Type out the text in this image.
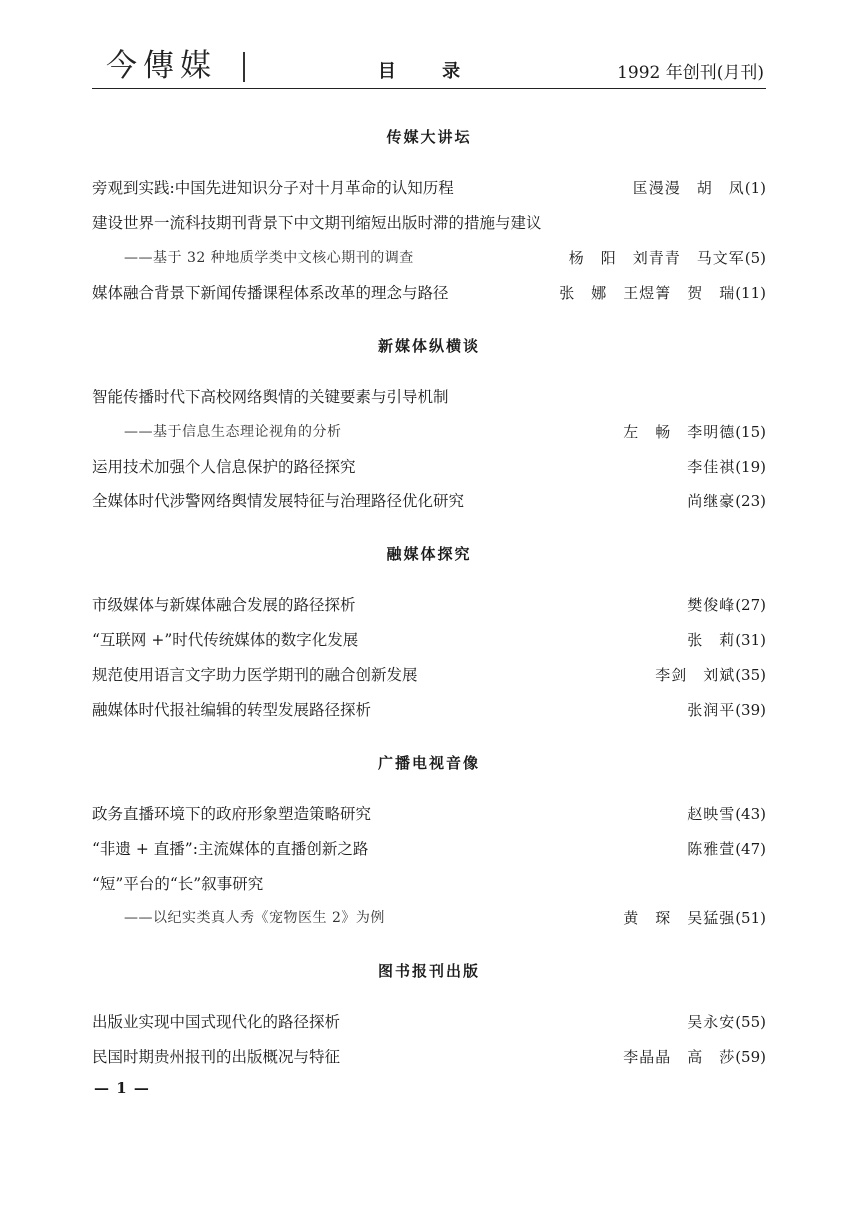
今傳媒	目 录	1992 年创刊(月刊)
传媒大讲坛
旁观到实践:中国先进知识分子对十月革命的认知历程	匡漫漫　胡　凤(1)
建设世界一流科技期刊背景下中文期刊缩短出版时滞的措施与建议
——基于 32 种地质学类中文核心期刊的调查	杨　阳　刘青青　马文军(5)
媒体融合背景下新闻传播课程体系改革的理念与路径	张　娜　王煜箐　贺　瑞(11)
新媒体纵横谈
智能传播时代下高校网络舆情的关键要素与引导机制
——基于信息生态理论视角的分析	左　畅　李明德(15)
运用技术加强个人信息保护的路径探究	李佳祺(19)
全媒体时代涉警网络舆情发展特征与治理路径优化研究	尚继豪(23)
融媒体探究
市级媒体与新媒体融合发展的路径探析	樊俊峰(27)
“互联网 +”时代传统媒体的数字化发展	张　莉(31)
规范使用语言文字助力医学期刊的融合创新发展	李剑　刘斌(35)
融媒体时代报社编辑的转型发展路径探析	张润平(39)
广播电视音像
政务直播环境下的政府形象塑造策略研究	赵映雪(43)
“非遗 + 直播”:主流媒体的直播创新之路	陈雅萱(47)
“短”平台的“长”叙事研究
——以纪实类真人秀《宠物医生 2》为例	黄　琛　吴猛强(51)
图书报刊出版
出版业实现中国式现代化的路径探析	吴永安(55)
民国时期贵州报刊的出版概况与特征	李晶晶　高　莎(59)
— 1 —
